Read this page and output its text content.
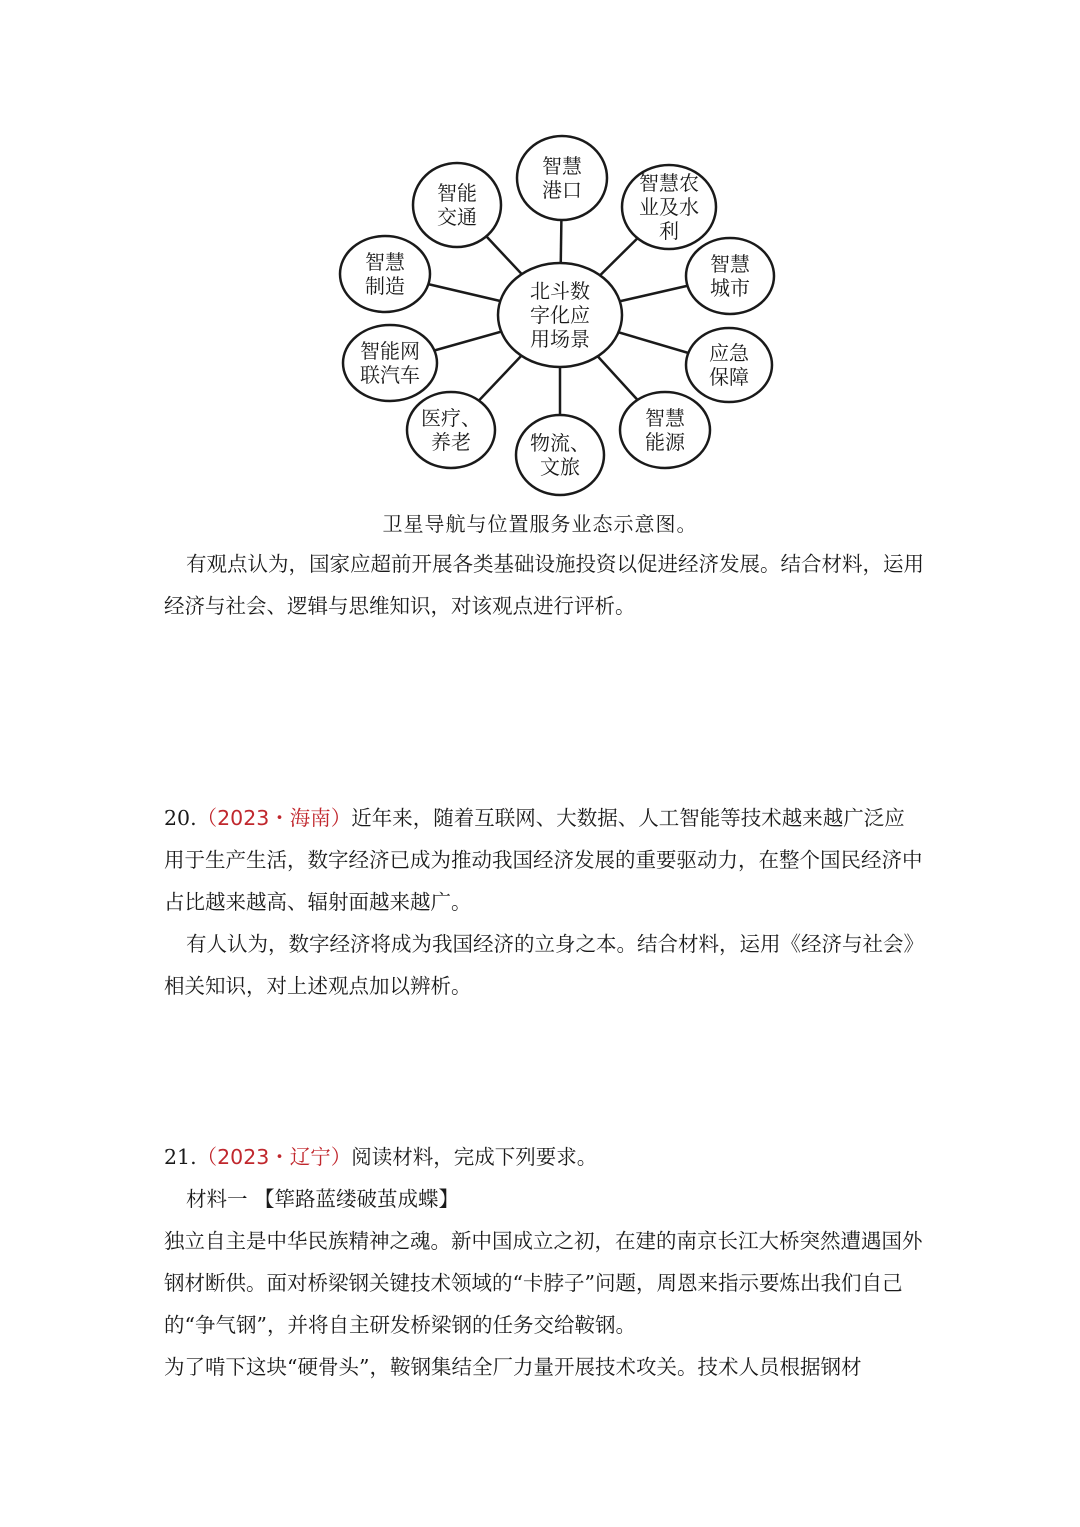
智慧
港口	智慧农
业及水
利
智慧
城市
应急
保障
智慧
能源
物流、
文旅
医疗、
养老
智能网
联汽车
智慧
制造
智能
交通
北斗数
字化应
用场景
卫星导航与位置服务业态示意图。

有观点认为，国家应超前开展各类基础设施投资以促进经济发展。结合材料，运用经济与社会、逻辑与思维知识，对该观点进行评析。

20.（2023・海南）近年来，随着互联网、大数据、人工智能等技术越来越广泛应用于生产生活，数字经济已成为推动我国经济发展的重要驱动力，在整个国民经济中占比越来越高、辐射面越来越广。

有人认为，数字经济将成为我国经济的立身之本。结合材料，运用《经济与社会》相关知识，对上述观点加以辨析。

21.（2023・辽宁）阅读材料，完成下列要求。

材料一 【筚路蓝缕破茧成蝶】

独立自主是中华民族精神之魂。新中国成立之初，在建的南京长江大桥突然遭遇国外钢材断供。面对桥梁钢关键技术领域的“卡脖子”问题，周恩来指示要炼出我们自己的“争气钢”，并将自主研发桥梁钢的任务交给鞍钢。

为了啃下这块“硬骨头”，鞍钢集结全厂力量开展技术攻关。技术人员根据钢材
